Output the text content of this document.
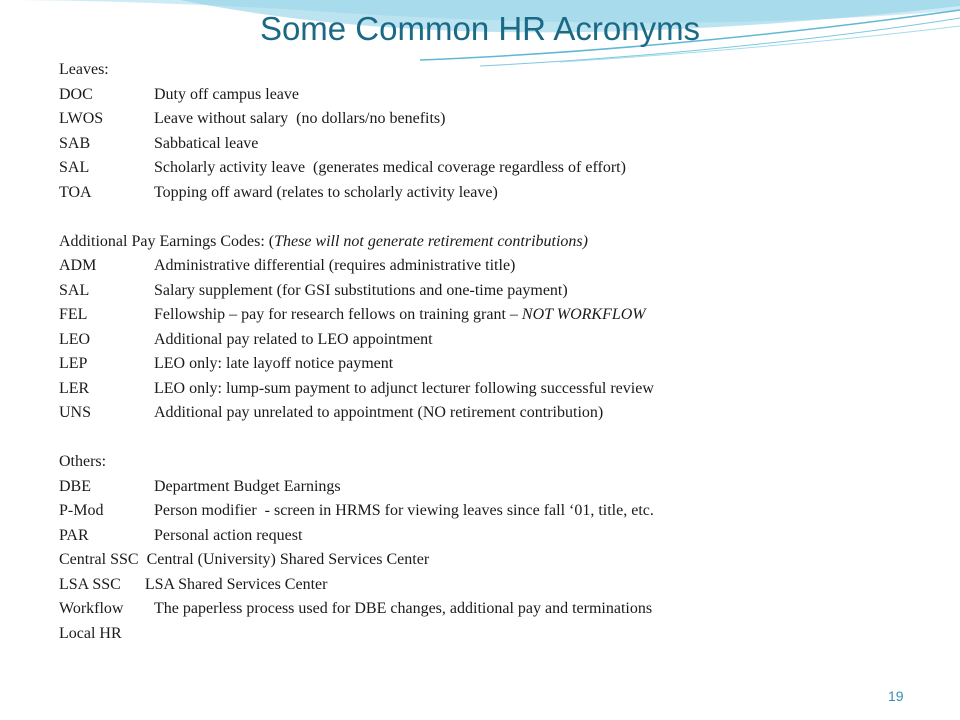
Some Common HR Acronyms
Leaves:
DOC	Duty off campus leave
LWOS	Leave without salary  (no dollars/no benefits)
SAB	Sabbatical leave
SAL	Scholarly activity leave  (generates medical coverage regardless of effort)
TOA	Topping off award (relates to scholarly activity leave)
Additional Pay Earnings Codes: (These will not generate retirement contributions)
ADM	Administrative differential (requires administrative title)
SAL	Salary supplement (for GSI substitutions and one-time payment)
FEL	Fellowship – pay for research fellows on training grant – NOT WORKFLOW
LEO	Additional pay related to LEO appointment
LEP	LEO only: late layoff notice payment
LER	LEO only: lump-sum payment to adjunct lecturer following successful review
UNS	Additional pay unrelated to appointment (NO retirement contribution)
Others:
DBE	Department Budget Earnings
P-Mod	Person modifier  - screen in HRMS for viewing leaves since fall ‘01, title, etc.
PAR	Personal action request
Central SSC  Central (University) Shared Services Center
LSA SSC      LSA Shared Services Center
Workflow	The paperless process used for DBE changes, additional pay and terminations
Local HR
19
